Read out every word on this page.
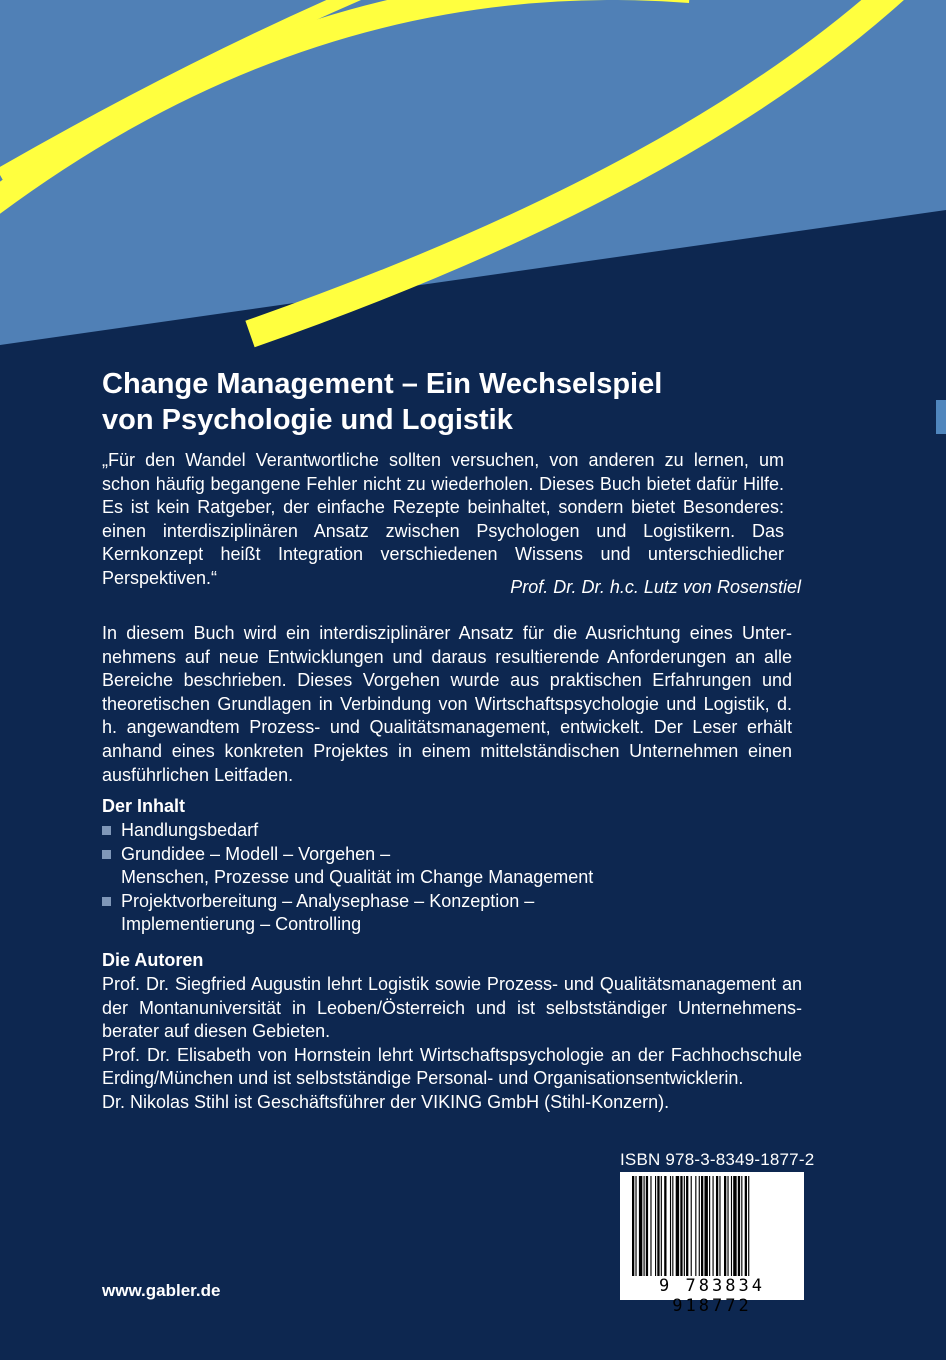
Change Management – Ein Wechselspiel
von Psychologie und Logistik

„Für den Wandel Verantwortliche sollten versuchen, von anderen zu lernen, um schon häufig begangene Fehler nicht zu wiederholen. Dieses Buch bietet dafür Hilfe. Es ist kein Ratgeber, der einfache Rezepte beinhaltet, sondern bietet Besonderes: einen interdisziplinären Ansatz zwischen Psychologen und Logistikern. Das Kernkonzept heißt Integration verschiedenen Wissens und unterschiedlicher Perspektiven.“	Prof. Dr. Dr. h.c. Lutz von Rosenstiel

In diesem Buch wird ein interdisziplinärer Ansatz für die Ausrichtung eines Unternehmens auf neue Entwicklungen und daraus resultierende Anforderungen an alle Bereiche beschrieben. Dieses Vorgehen wurde aus praktischen Erfahrungen und theoretischen Grundlagen in Verbindung von Wirtschaftspsychologie und Logistik, d. h. angewandtem Prozess- und Qualitätsmanagement, entwickelt. Der Leser erhält anhand eines konkreten Projektes in einem mittelständischen Unternehmen einen ausführlichen Leitfaden.

Der Inhalt
Handlungsbedarf
Grundidee – Modell – Vorgehen –
Menschen, Prozesse und Qualität im Change Management
Projektvorbereitung – Analysephase – Konzeption –
Implementierung – Controlling
Die Autoren

Prof. Dr. Siegfried Augustin lehrt Logistik sowie Prozess- und Qualitätsmanagement an der Montanuniversität in Leoben/Österreich und ist selbstständiger Unternehmensberater auf diesen Gebieten.

Prof. Dr. Elisabeth von Hornstein lehrt Wirtschaftspsychologie an der Fachhochschule Erding/München und ist selbstständige Personal- und Organisationsentwicklerin.

Dr. Nikolas Stihl ist Geschäftsführer der VIKING GmbH (Stihl-Konzern).

ISBN 978-3-8349-1877-2
9 783834 918772
www.gabler.de
